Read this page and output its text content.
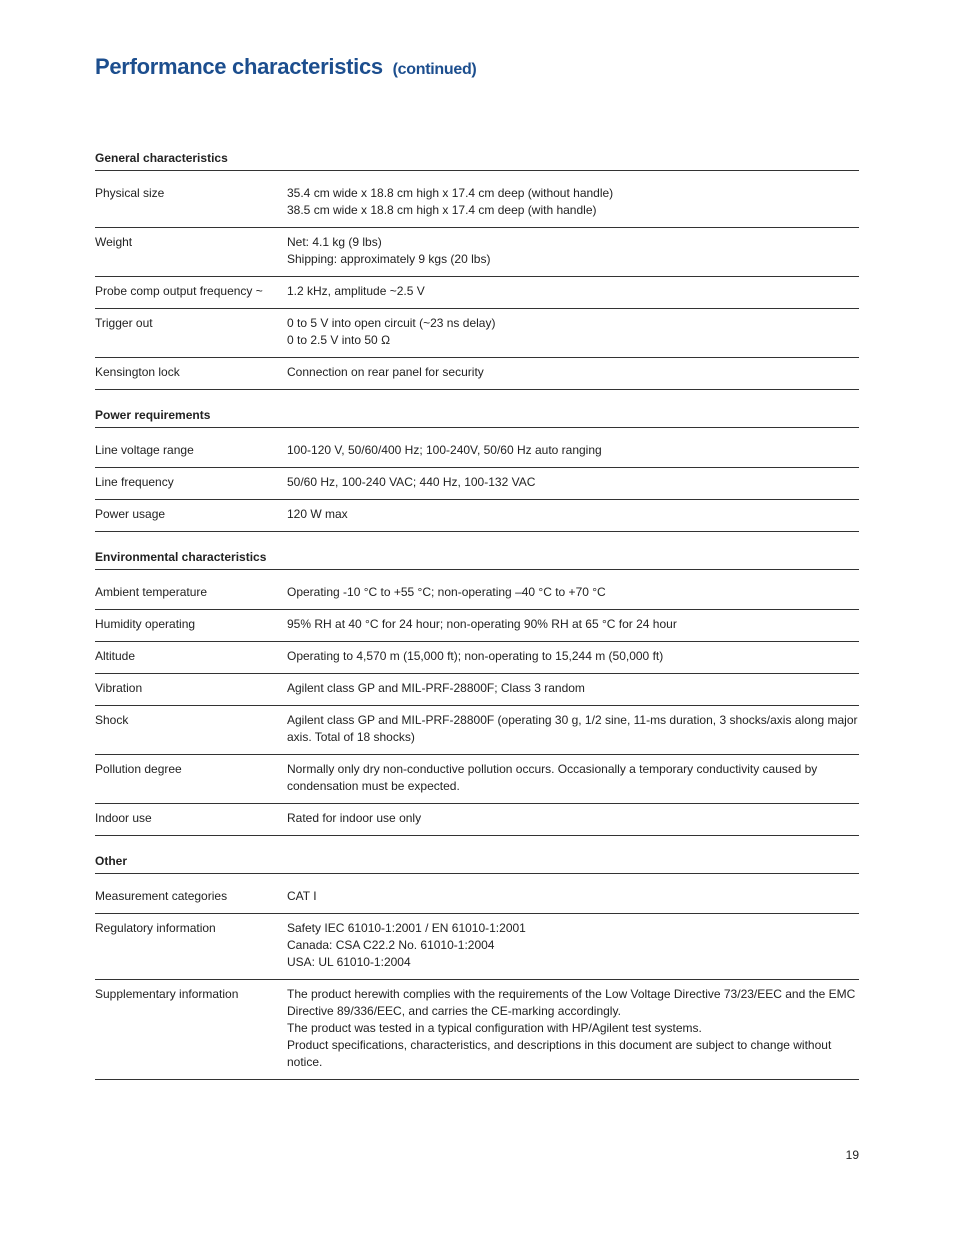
Performance characteristics (continued)
General characteristics
Physical size	35.4 cm wide x 18.8 cm high x 17.4 cm deep (without handle)
38.5 cm wide x 18.8 cm high x 17.4 cm deep (with handle)

Weight	Net: 4.1 kg (9 lbs)
Shipping: approximately 9 kgs (20 lbs)

Probe comp output frequency ~	1.2 kHz, amplitude ~2.5 V

Trigger out	0 to 5 V into open circuit (~23 ns delay)
0 to 2.5 V into 50 Ω

Kensington lock	Connection on rear panel for security
Power requirements
Line voltage range	100-120 V, 50/60/400 Hz; 100-240V, 50/60 Hz auto ranging

Line frequency	50/60 Hz, 100-240 VAC; 440 Hz, 100-132 VAC

Power usage	120 W max
Environmental characteristics
Ambient temperature	Operating -10 °C to +55 °C; non-operating –40 °C to +70 °C

Humidity operating	95% RH at 40 °C for 24 hour; non-operating 90% RH at 65 °C for 24 hour

Altitude	Operating to 4,570 m (15,000 ft); non-operating to 15,244 m (50,000 ft)

Vibration	Agilent class GP and MIL-PRF-28800F; Class 3 random

Shock	Agilent class GP and MIL-PRF-28800F (operating 30 g, 1/2 sine, 11-ms duration, 3 shocks/axis along major axis. Total of 18 shocks)

Pollution degree	Normally only dry non-conductive pollution occurs. Occasionally a temporary conductivity caused by condensation must be expected.

Indoor use	Rated for indoor use only
Other
Measurement categories	CAT I

Regulatory information	Safety IEC 61010-1:2001 / EN 61010-1:2001
Canada: CSA C22.2 No. 61010-1:2004
USA: UL 61010-1:2004

Supplementary information	The product herewith complies with the requirements of the Low Voltage Directive 73/23/EEC and the EMC Directive 89/336/EEC, and carries the CE-marking accordingly.
The product was tested in a typical configuration with HP/Agilent test systems.
Product specifications, characteristics, and descriptions in this document are subject to change without notice.
19
